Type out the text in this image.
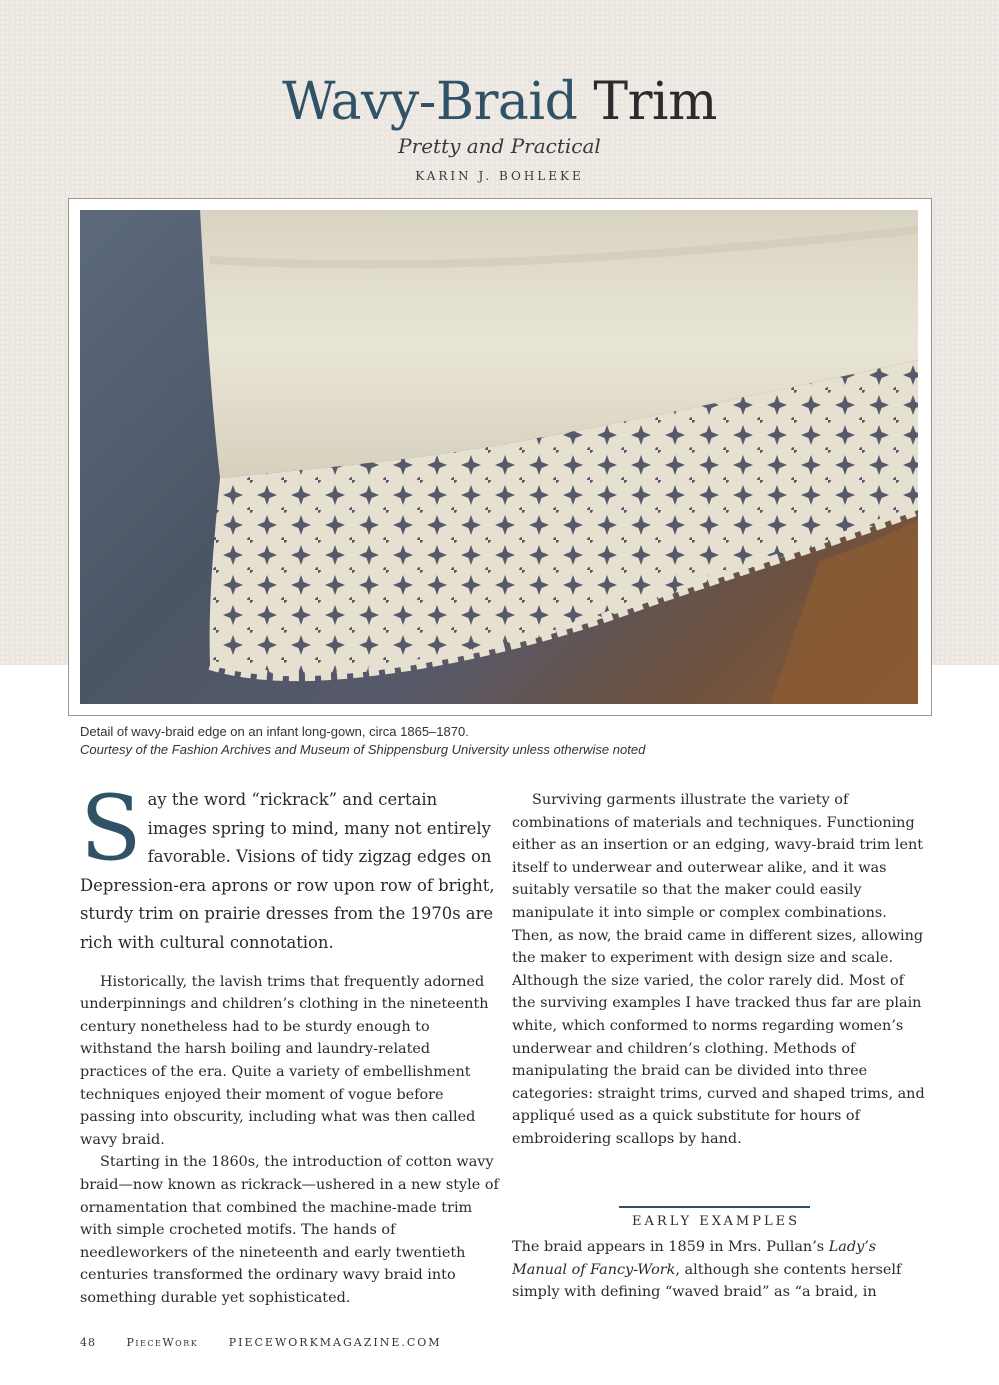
Wavy-Braid Trim
Pretty and Practical
KARIN J. BOHLEKE
Detail of wavy-braid edge on an infant long-gown, circa 1865–1870.
Courtesy of the Fashion Archives and Museum of Shippensburg University unless otherwise noted

Say the word “rickrack” and certain images spring to mind, many not entirely favorable. Visions of tidy zigzag edges on Depression-era aprons or row upon row of bright, sturdy trim on prairie dresses from the 1970s are rich with cultural connotation.

Historically, the lavish trims that frequently adorned underpinnings and children’s clothing in the nineteenth century nonetheless had to be sturdy enough to withstand the harsh boiling and laundry-related practices of the era. Quite a variety of embellishment techniques enjoyed their moment of vogue before passing into obscurity, including what was then called wavy braid.

Starting in the 1860s, the introduction of cotton wavy braid—now known as rickrack—ushered in a new style of ornamentation that combined the machine-made trim with simple crocheted motifs. The hands of needleworkers of the nineteenth and early twentieth centuries transformed the ordinary wavy braid into something durable yet sophisticated.

Surviving garments illustrate the variety of combinations of materials and techniques. Functioning either as an insertion or an edging, wavy-braid trim lent itself to underwear and outerwear alike, and it was suitably versatile so that the maker could easily manipulate it into simple or complex combinations. Then, as now, the braid came in different sizes, allowing the maker to experiment with design size and scale. Although the size varied, the color rarely did. Most of the surviving examples I have tracked thus far are plain white, which conformed to norms regarding women’s underwear and children’s clothing. Methods of manipulating the braid can be divided into three categories: straight trims, curved and shaped trims, and appliqué used as a quick substitute for hours of embroidering scallops by hand.

EARLY EXAMPLES

The braid appears in 1859 in Mrs. Pullan’s Lady’s Manual of Fancy-Work, although she contents herself simply with defining “waved braid” as “a braid, in

48	PieceWork	PIECEWORKMAGAZINE.COM
